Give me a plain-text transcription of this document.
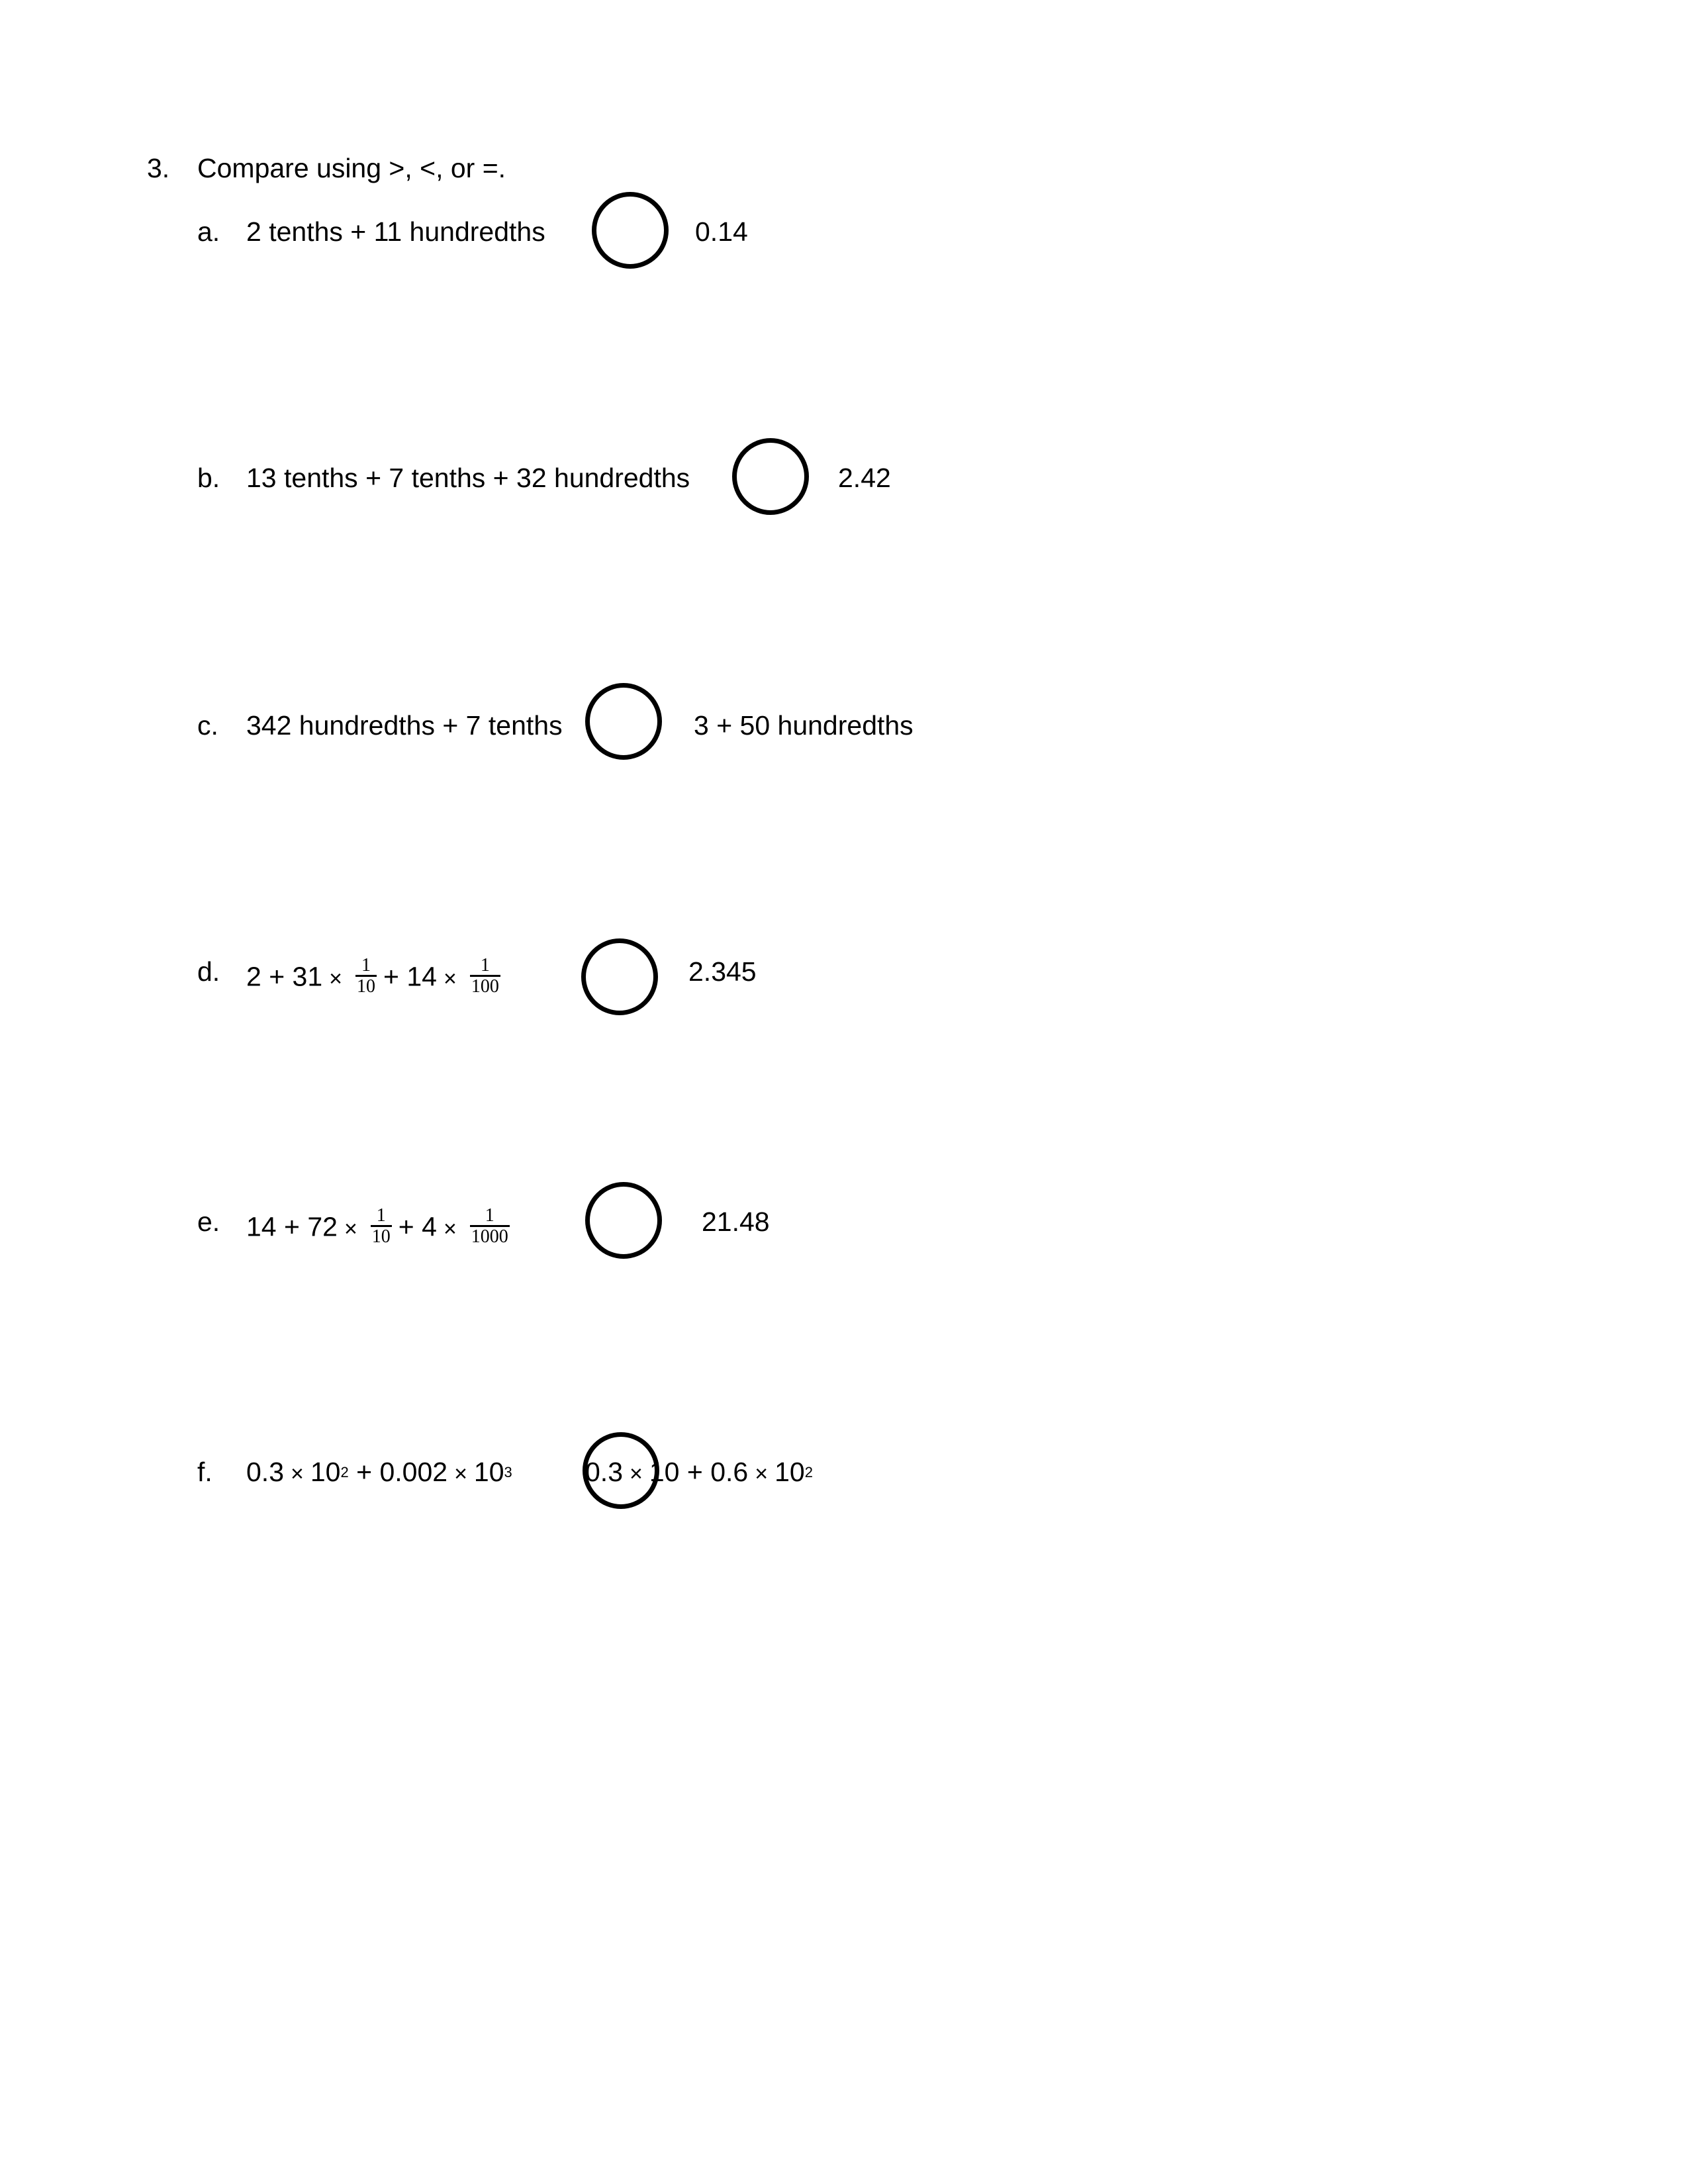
3. Compare using >, <, or =.
a. 2 tenths + 11 hundredths	0.14
b. 13 tenths + 7 tenths + 32 hundredths	2.42
c. 342 hundredths + 7 tenths	3 + 50 hundredths
d. $2 + 31 \times \frac{1}{10} + 14 \times \frac{1}{100}$	2.345
e. $14 + 72 \times \frac{1}{10} + 4 \times \frac{1}{1000}$	21.48
f. $0.3 \times 10^2 + 0.002 \times 10^3$	$0.3 \times 10 + 0.6 \times 10^2$
